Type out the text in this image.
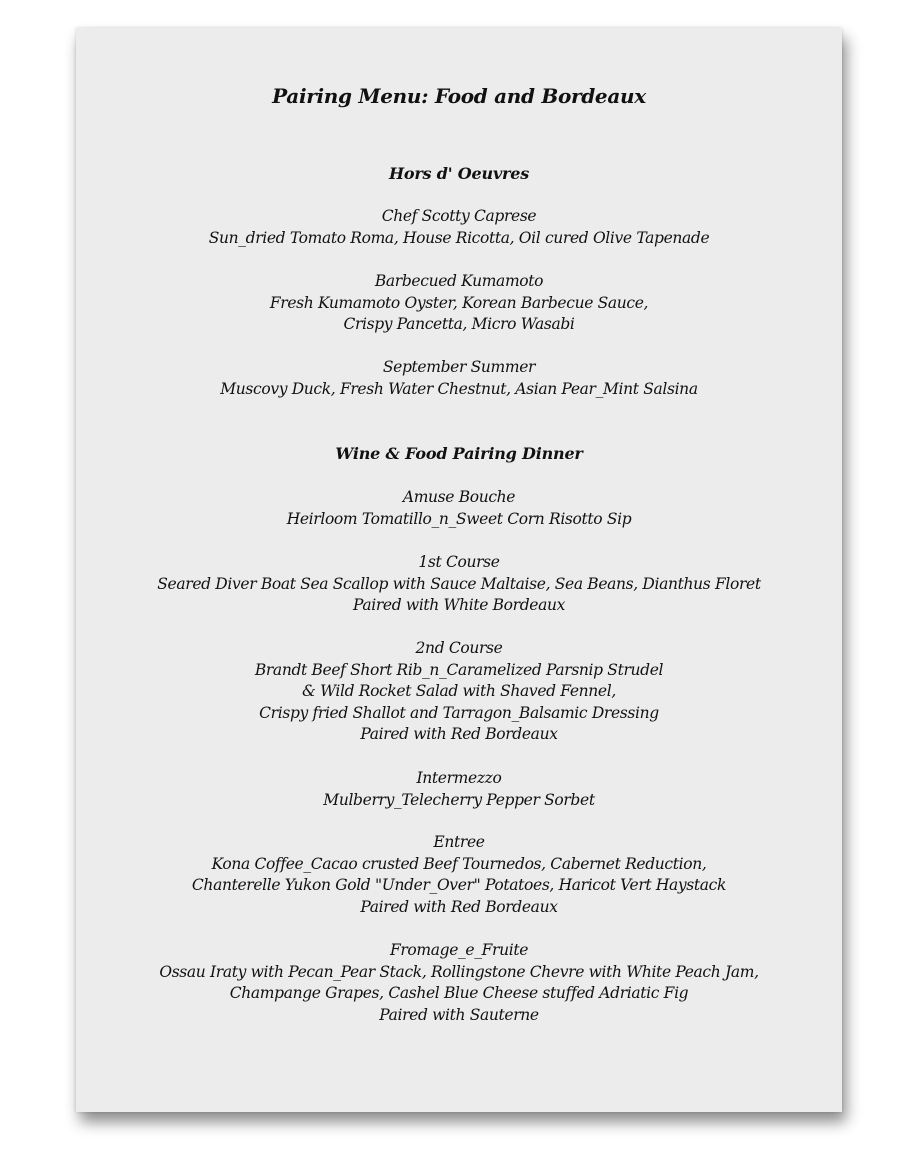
Pairing Menu: Food and Bordeaux
Hors d' Oeuvres
Chef Scotty Caprese
Sun_dried Tomato Roma, House Ricotta, Oil cured Olive Tapenade
Barbecued Kumamoto
Fresh Kumamoto Oyster, Korean Barbecue Sauce,
Crispy Pancetta, Micro Wasabi
September Summer
Muscovy Duck, Fresh Water Chestnut, Asian Pear_Mint Salsina
Wine & Food Pairing Dinner
Amuse Bouche
Heirloom Tomatillo_n_Sweet Corn Risotto Sip
1st Course
Seared Diver Boat Sea Scallop with Sauce Maltaise, Sea Beans, Dianthus Floret
Paired with White Bordeaux
2nd Course
Brandt Beef Short Rib_n_Caramelized Parsnip Strudel
& Wild Rocket Salad with Shaved Fennel,
Crispy fried Shallot and Tarragon_Balsamic Dressing
Paired with Red Bordeaux
Intermezzo
Mulberry_Telecherry Pepper Sorbet
Entree
Kona Coffee_Cacao crusted Beef Tournedos, Cabernet Reduction,
Chanterelle Yukon Gold "Under_Over" Potatoes, Haricot Vert Haystack
Paired with Red Bordeaux
Fromage_e_Fruite
Ossau Iraty with Pecan_Pear Stack, Rollingstone Chevre with White Peach Jam,
Champange Grapes, Cashel Blue Cheese stuffed Adriatic Fig
Paired with Sauterne
